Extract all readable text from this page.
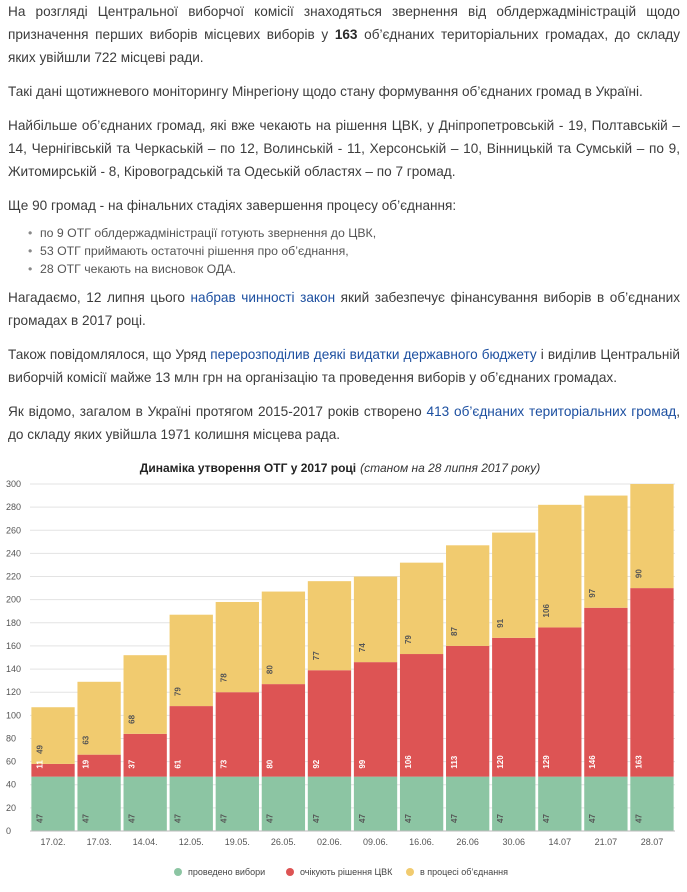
На розгляді Центральної виборчої комісії знаходяться звернення від облдержадміністрацій щодо призначення перших виборів місцевих виборів у 163 об’єднаних територіальних громадах, до складу яких увійшли 722 місцеві ради.

Такі дані щотижневого моніторингу Мінрегіону щодо стану формування об’єднаних громад в Україні.

Найбільше об’єднаних громад, які вже чекають на рішення ЦВК, у Дніпропетровській - 19, Полтавській – 14, Чернігівській та Черкаській – по 12, Волинській - 11, Херсонській – 10, Вінницькій та Сумській – по 9, Житомирській - 8, Кіровоградській та Одеській областях – по 7 громад.

Ще 90 громад - на фінальних стадіях завершення процесу об’єднання:

• по 9 ОТГ облдержадміністрації готують звернення до ЦВК,
• 53 ОТГ приймають остаточні рішення про об’єднання,
• 28 ОТГ чекають на висновок ОДА.

Нагадаємо, 12 липня цього набрав чинності закон який забезпечує фінансування виборів в об’єднаних громадах в 2017 році.

Також повідомлялося, що Уряд перерозподілив деякі видатки державного бюджету і виділив Центральній виборчій комісії майже 13 млн грн на організацію та проведення виборів у об’єднаних громадах.

Як відомо, загалом в Україні протягом 2015-2017 років створено 413 об’єднаних територіальних громад, до складу яких увійшла 1971 колишня місцева рада.

Динаміка утворення ОТГ у 2017 році (станом на 28 липня 2017 року)
47
11
49
47
19
63
47
37
68
47
61
79
47
73
78
47
80
80
47
92
77
47
99
74
47
106
79
47
113
87
47
120
91
47
129
106
47
146
97
47
163
90
0
20
40
60
80
100
120
140
160
180
200
220
240
260
280
300
17.02. 17.03. 14.04. 12.05. 19.05. 26.05. 02.06. 09.06. 16.06. 26.06	30.06	14.07	21.07	28.07
проведено вибори	очікують рішення ЦВК	в процесі об’єднання
